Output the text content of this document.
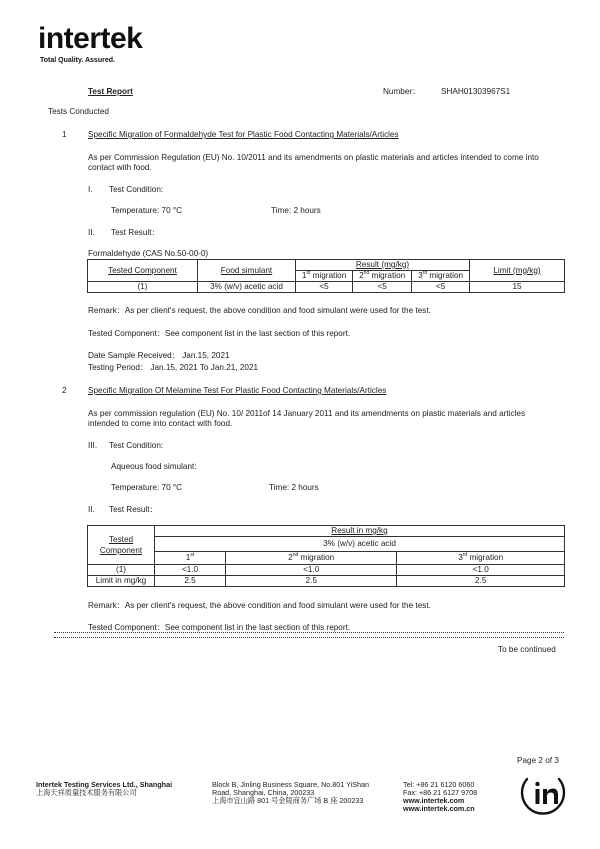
intertek
Total Quality. Assured.
Test Report	Number：	SHAH01303967S1
Tests Conducted
1	Specific Migration of Formaldehyde Test for Plastic Food Contacting Materials/Articles
As per Commission Regulation (EU) No. 10/2011 and its amendments on plastic materials and articles intended to come into contact with food.
I. Test Condition:
Temperature: 70 °C	Time: 2 hours
II. Test Result：
Formaldehyde (CAS No.50-00-0)
Tested Component	Food simulant	Result (mg/kg)			Limit (mg/kg)
		1st migration	2nd migration	3rd migration	
(1)	3% (w/v) acetic acid	<5	<5	<5	15
Remark：As per client's request, the above condition and food simulant were used for the test.
Tested Component：See component list in the last section of this report.
Date Sample Received： Jan.15, 2021
Testing Period： Jan.15, 2021 To Jan.21, 2021
2	Specific Migration Of Melamine Test For Plastic Food Contacting Materials/Articles
As per commission regulation (EU) No. 10/ 2011of 14 January 2011 and its amendments on plastic materials and articles intended to come into contact with food.
III. Test Condition:
Aqueous food simulant:
Temperature: 70 °C	Time: 2 hours
II. Test Result：
Tested
Component	Result in mg/kg		
	3% (w/v) acetic acid		
	1st	2nd migration	3rd migration
(1)	<1.0	<1.0	<1.0
Limit in mg/kg	2.5	2.5	2.5
Remark：As per client's request, the above condition and food simulant were used for the test.
Tested Component：See component list in the last section of this report.
To be continued
Page 2 of 3
Intertek Testing Services Ltd., Shanghai
上海天祥质量技术服务有限公司
Block B, Jinling Business Square, No.801 YiShan
Road, Shanghai, China, 200233
上海市宜山路 801 号金陵商务广场 B 座 200233
Tel: +86 21 6120 6060
Fax: +86 21 6127 9708
www.intertek.com
www.intertek.com.cn
